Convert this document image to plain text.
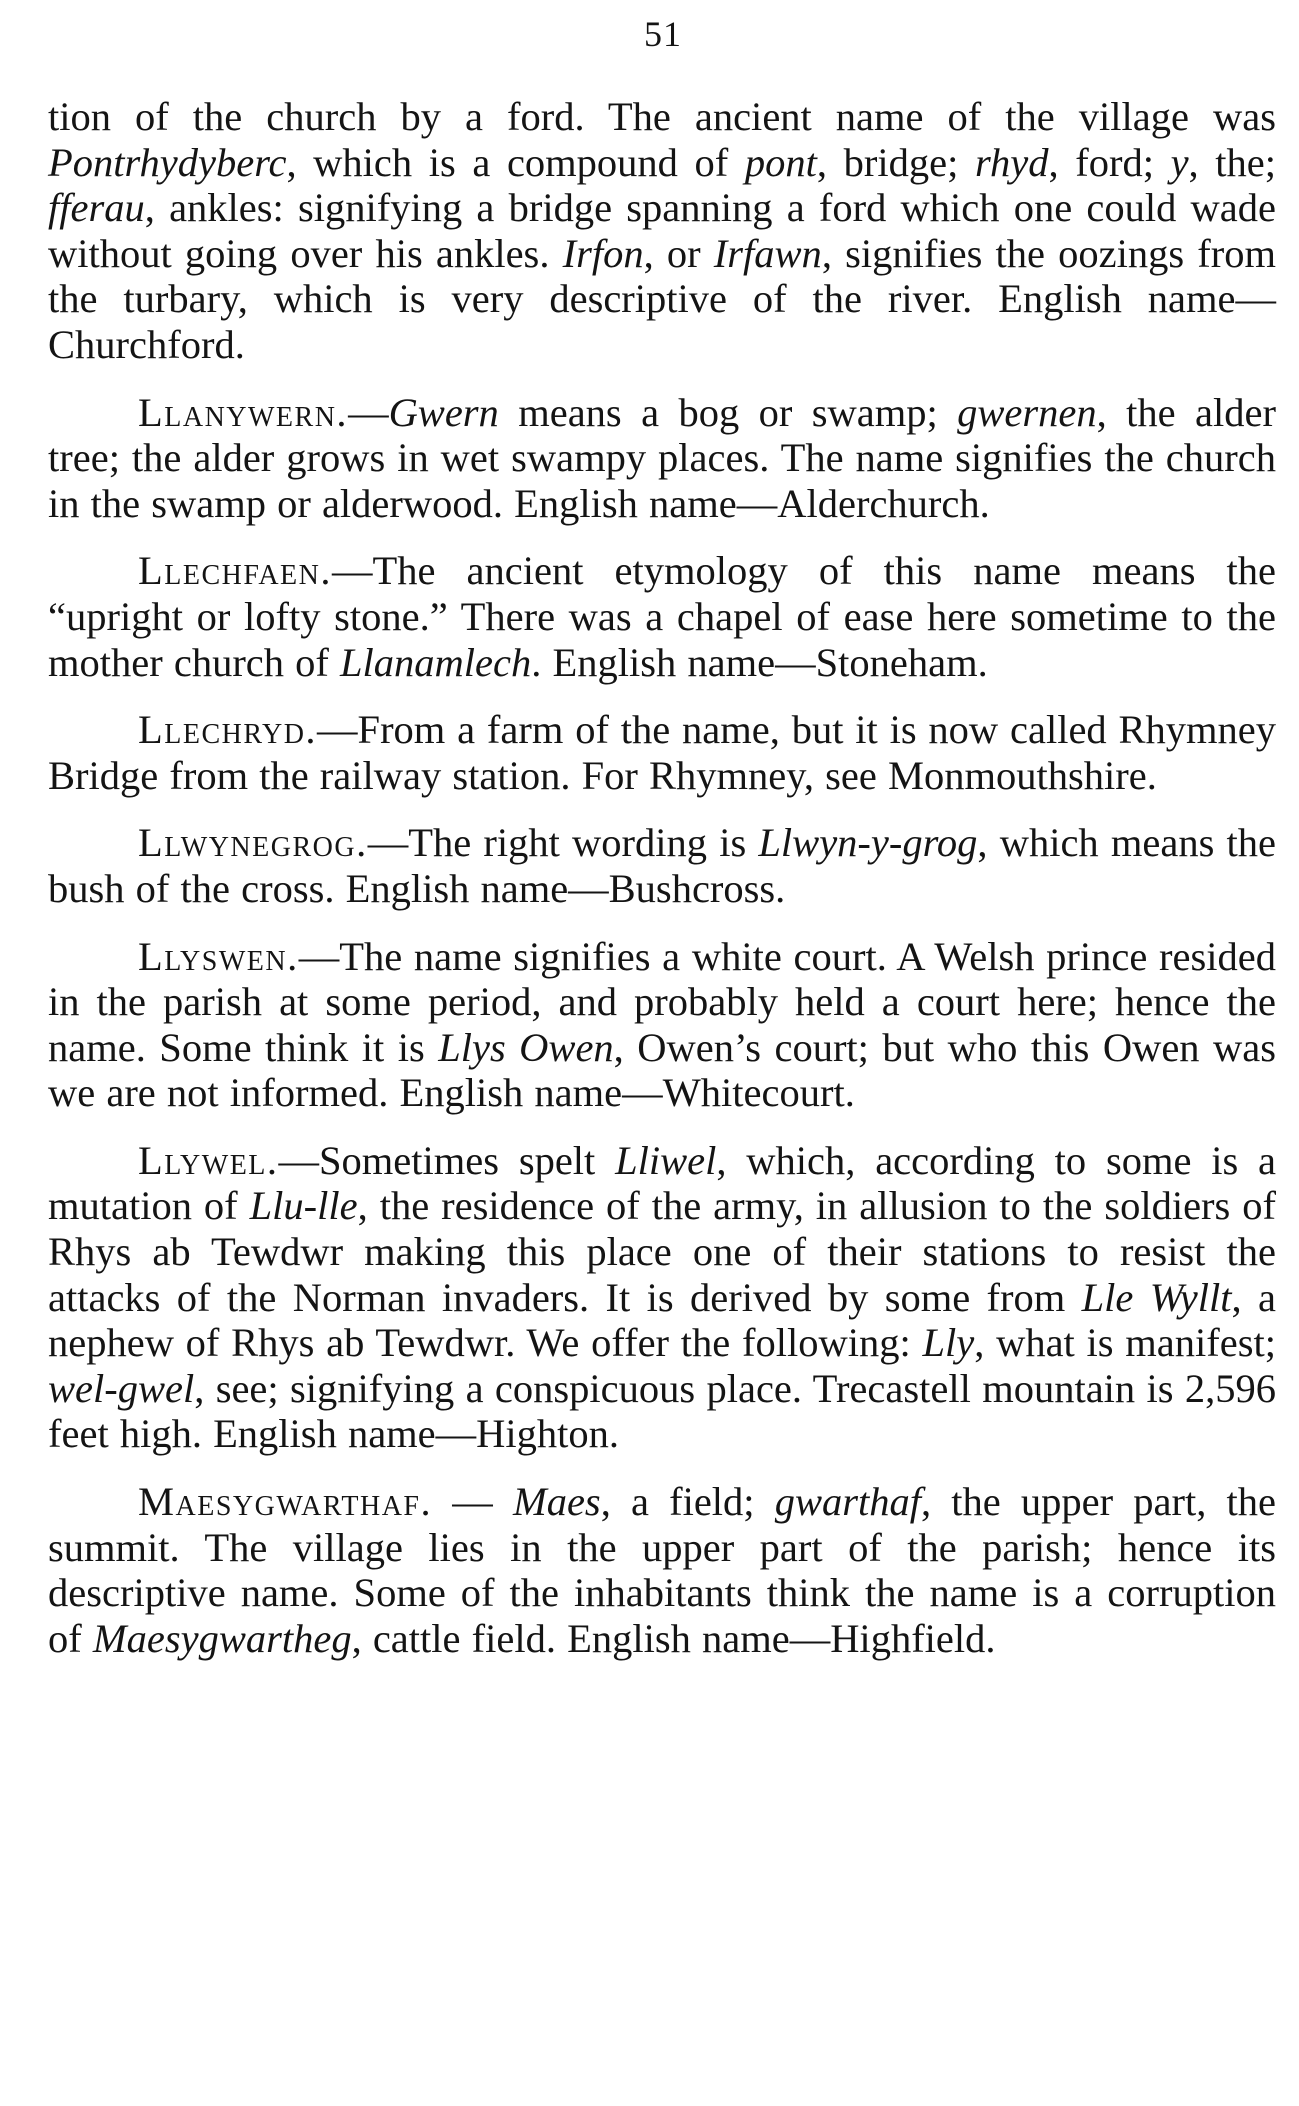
51

tion of the church by a ford. The ancient name of the village was Pontrhydyberc, which is a compound of pont, bridge; rhyd, ford; y, the; fferau, ankles: signifying a bridge spanning a ford which one could wade without going over his ankles. Irfon, or Irfawn, signifies the oozings from the turbary, which is very descriptive of the river. English name—Churchford.

Llanywern.—Gwern means a bog or swamp; gwernen, the alder tree; the alder grows in wet swampy places. The name signifies the church in the swamp or alderwood. English name—Alderchurch.

Llechfaen.—The ancient etymology of this name means the “upright or lofty stone.” There was a chapel of ease here sometime to the mother church of Llanamlech. English name—Stoneham.

Llechryd.—From a farm of the name, but it is now called Rhymney Bridge from the railway station. For Rhymney, see Monmouthshire.

Llwynegrog.—The right wording is Llwyn-y-grog, which means the bush of the cross. English name—Bushcross.

Llyswen.—The name signifies a white court. A Welsh prince resided in the parish at some period, and probably held a court here; hence the name. Some think it is Llys Owen, Owen’s court; but who this Owen was we are not informed. English name—Whitecourt.

Llywel.—Sometimes spelt Lliwel, which, according to some is a mutation of Llu-lle, the residence of the army, in allusion to the soldiers of Rhys ab Tewdwr making this place one of their stations to resist the attacks of the Norman invaders. It is derived by some from Lle Wyllt, a nephew of Rhys ab Tewdwr. We offer the following: Lly, what is manifest; wel-gwel, see; signifying a conspicuous place. Trecastell mountain is 2,596 feet high. English name—Highton.

Maesygwarthaf. — Maes, a field; gwarthaf, the upper part, the summit. The village lies in the upper part of the parish; hence its descriptive name. Some of the inhabitants think the name is a corruption of Maesygwartheg, cattle field. English name—Highfield.
